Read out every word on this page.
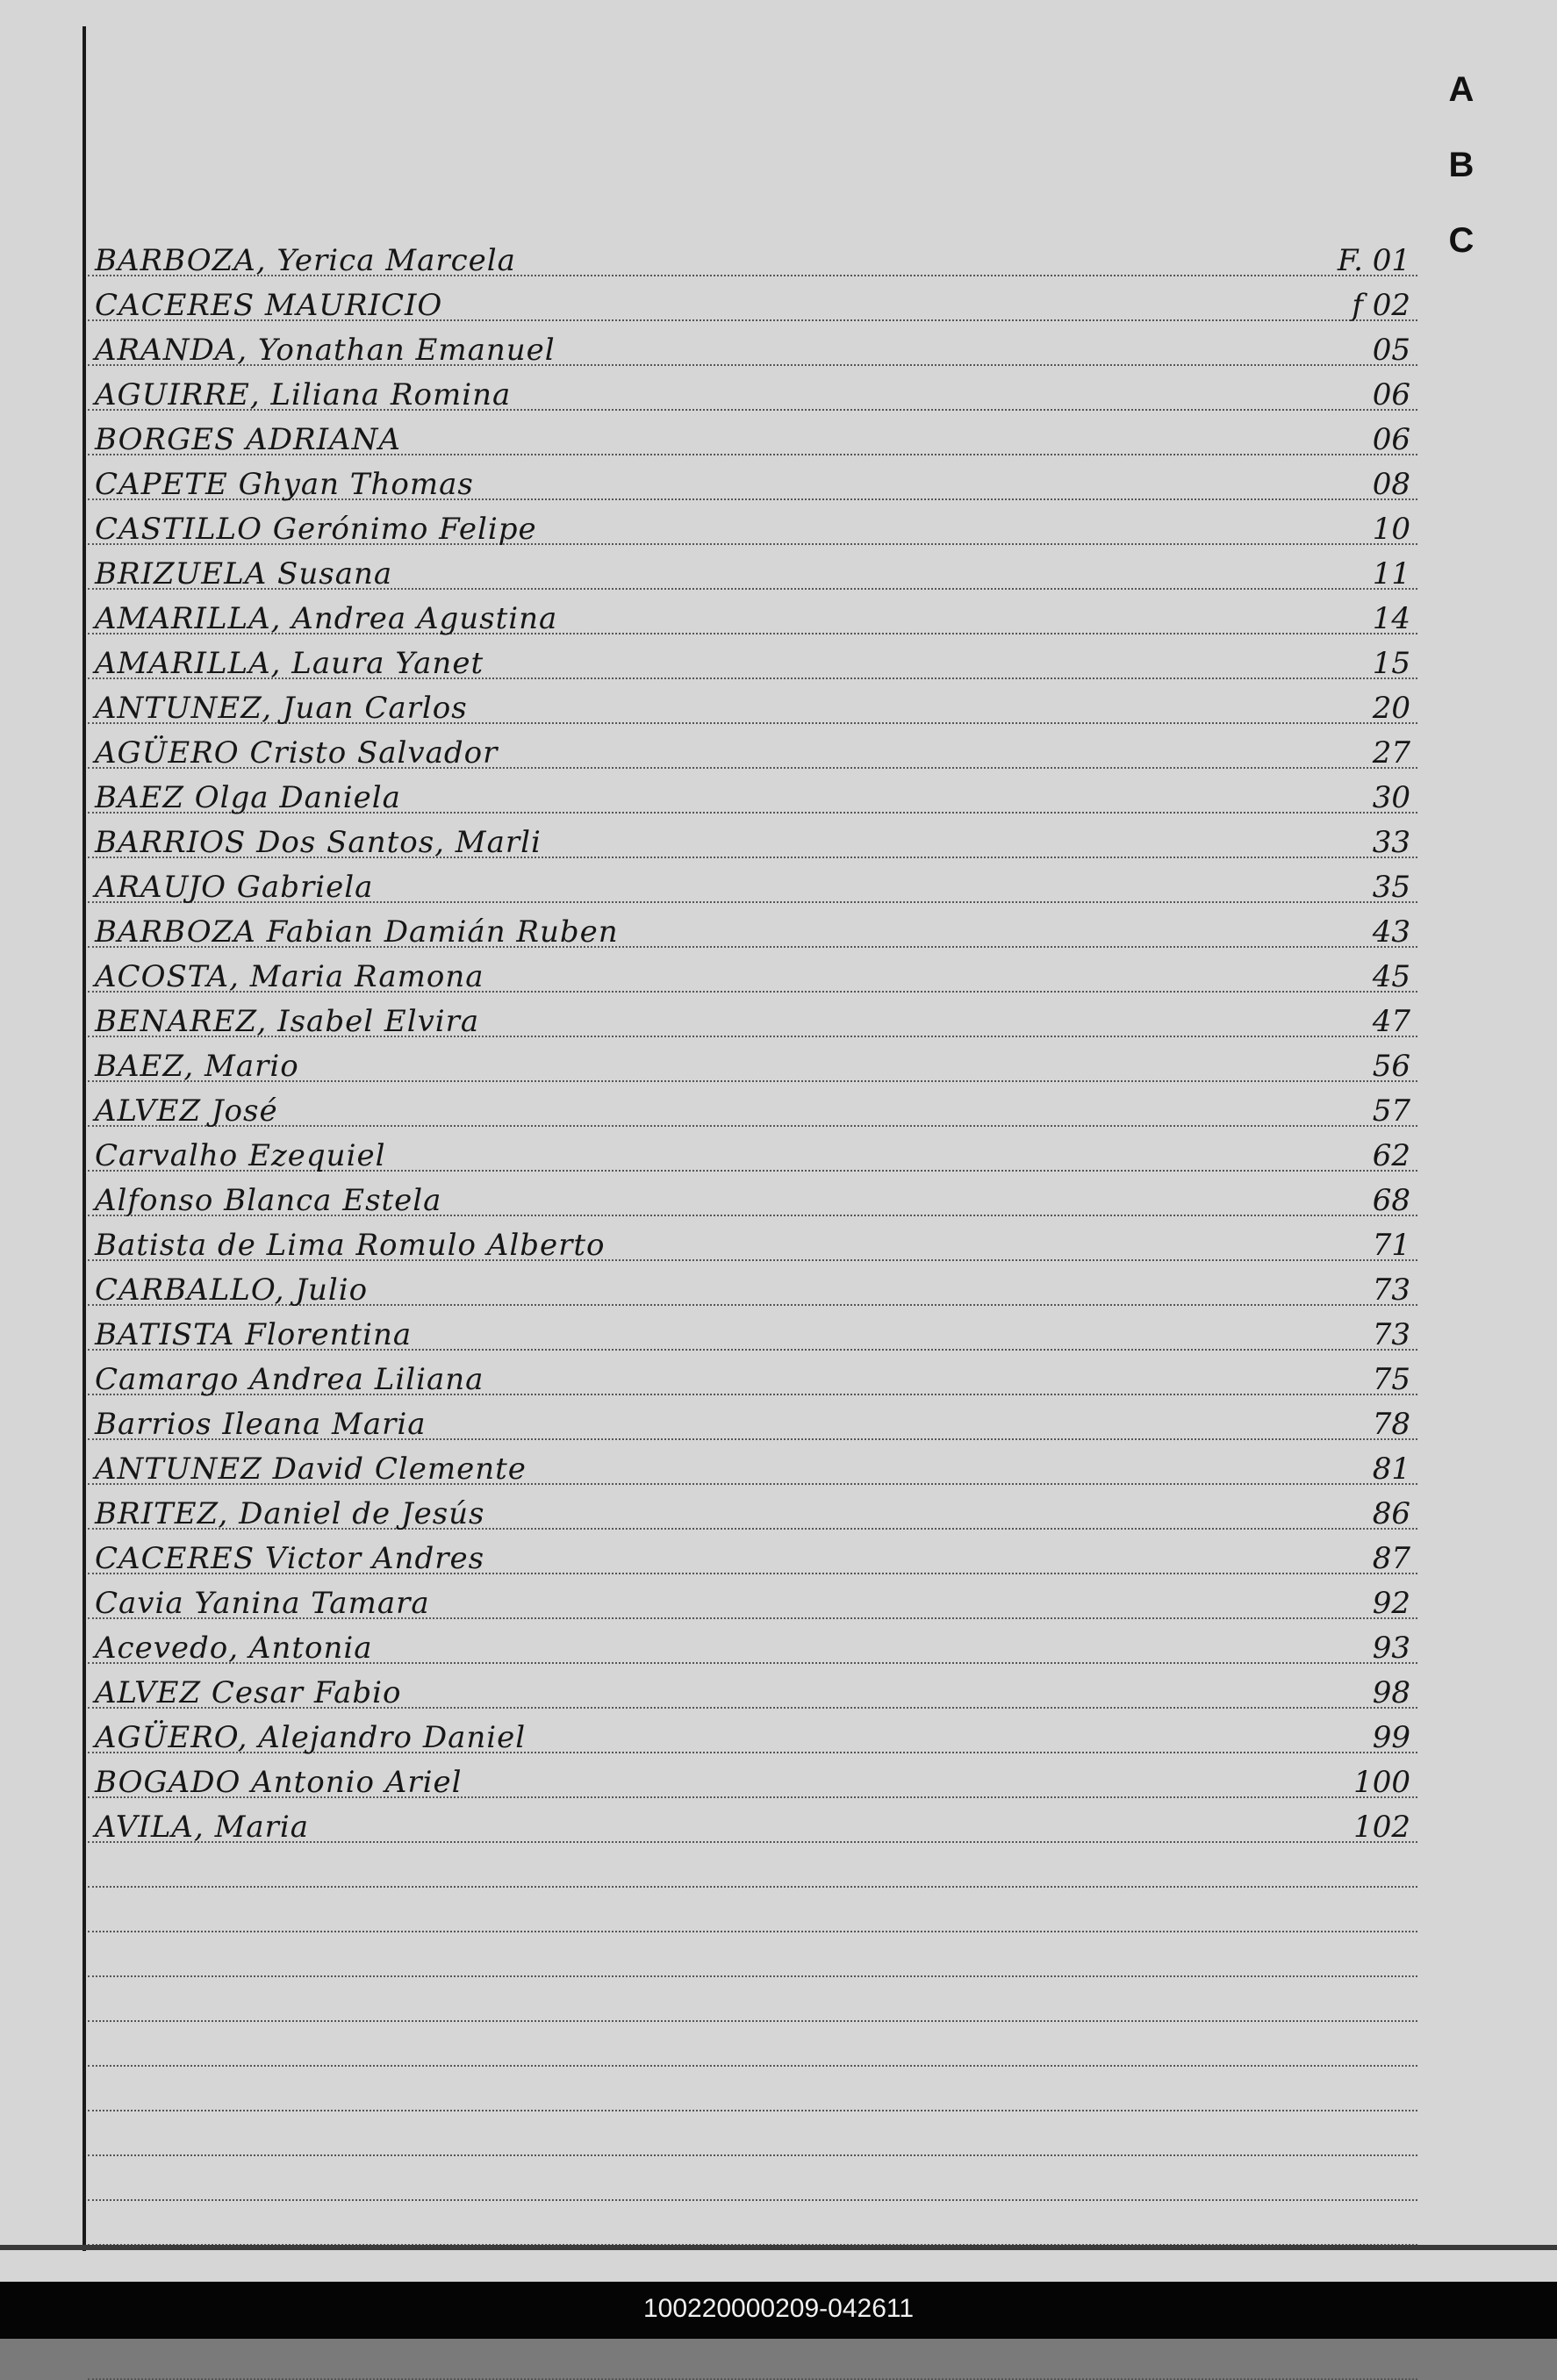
A
B
C
BARBOZA, Yerica Marcela	F. 01
CACERES MAURICIO	f 02
ARANDA, Yonathan Emanuel	05
AGUIRRE, Liliana Romina	06
BORGES ADRIANA	06
CAPETE Ghyan Thomas	08
CASTILLO Gerónimo Felipe	10
BRIZUELA Susana	11
AMARILLA, Andrea Agustina	14
AMARILLA, Laura Yanet	15
ANTUNEZ, Juan Carlos	20
AGÜERO Cristo Salvador	27
BAEZ Olga Daniela	30
BARRIOS Dos Santos, Marli	33
ARAUJO Gabriela	35
BARBOZA Fabian Damián Ruben	43
ACOSTA, Maria Ramona	45
BENAREZ, Isabel Elvira	47
BAEZ, Mario	56
ALVEZ José	57
Carvalho Ezequiel	62
Alfonso Blanca Estela	68
Batista de Lima Romulo Alberto	71
CARBALLO, Julio	73
BATISTA Florentina	73
Camargo Andrea Liliana	75
Barrios Ileana Maria	78
ANTUNEZ David Clemente	81
BRITEZ, Daniel de Jesús	86
CACERES Victor Andres	87
Cavia Yanina Tamara	92
Acevedo, Antonia	93
ALVEZ Cesar Fabio	98
AGÜERO, Alejandro Daniel	99
BOGADO Antonio Ariel	100
AVILA, Maria	102
100220000209-042611
